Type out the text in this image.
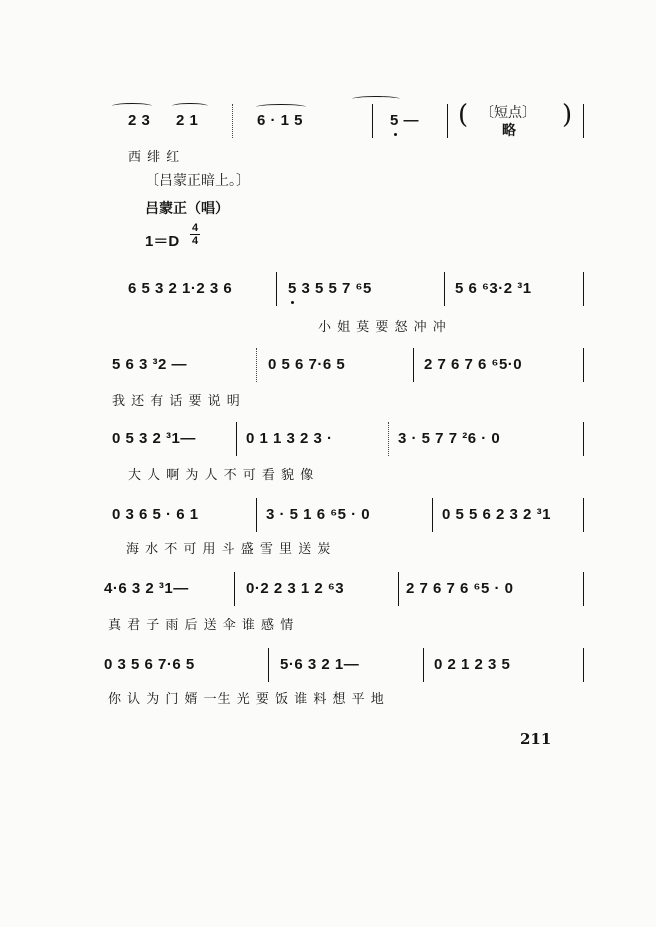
2 3 2 1	6 · 1 5	5 — ( 〔短点〕
略
)
西 绯 红
〔吕蒙正暗上。〕
吕蒙正（唱）
1＝D
4
4
6 5 3 2 1·2 3 6	5 3 5 5 7 ⁶5	5 6 ⁶3·2 ³1
小 姐 莫 要 怒 冲 冲
5 6 3 ³2 —	0 5 6 7·6 5	2 7 6 7 6 ⁶5·0
我 还 有 话 要 说 明
0 5 3 2 ³1—	0 1 1 3 2 3 ·	3 · 5 7 7 ²6 · 0
大 人 啊 为 人 不 可 看 貌 像
0 3 6 5 · 6 1	3 · 5 1 6 ⁶5 · 0	0 5 5 6 2 3 2 ³1
海 水 不 可 用 斗 盛 雪 里 送 炭
4·6 3 2 ³1—	0·2 2 3 1 2 ⁶3	2 7 6 7 6 ⁶5 · 0
真 君 子 雨 后 送 伞 谁 感 情
0 3 5 6 7·6 5	5·6 3 2 1—	0 2 1 2 3 5
你 认 为 门 婿 一生 光 要 饭 谁 料 想 平 地
211
